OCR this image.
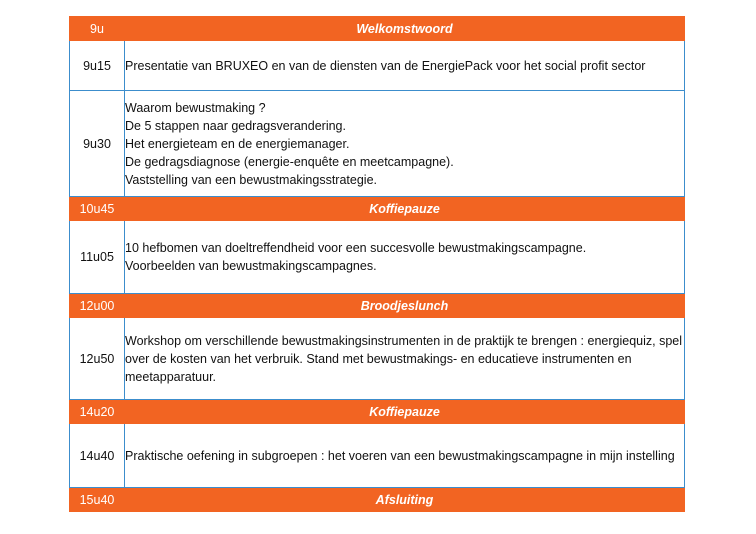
9u	Welkomstwoord
9u15	Presentatie van BRUXEO en van de diensten van de EnergiePack voor het social profit sector

9u30	Waarom bewustmaking ?
De 5 stappen naar gedragsverandering.
Het energieteam en de energiemanager.
De gedragsdiagnose (energie-enquête en meetcampagne).
Vaststelling van een bewustmakingsstrategie.

10u45	Koffiepauze
11u05	10 hefbomen van doeltreffendheid voor een succesvolle bewustmakingscampagne.
Voorbeelden van bewustmakingscampagnes.

12u00	Broodjeslunch
12u50	Workshop om verschillende bewustmakingsinstrumenten in de praktijk te brengen : energiequiz, spel over de kosten van het verbruik. Stand met bewustmakings- en educatieve instrumenten en meetapparatuur.

14u20	Koffiepauze
14u40	Praktische oefening in subgroepen : het voeren van een bewustmakingscampagne in mijn instelling

15u40	Afsluiting
